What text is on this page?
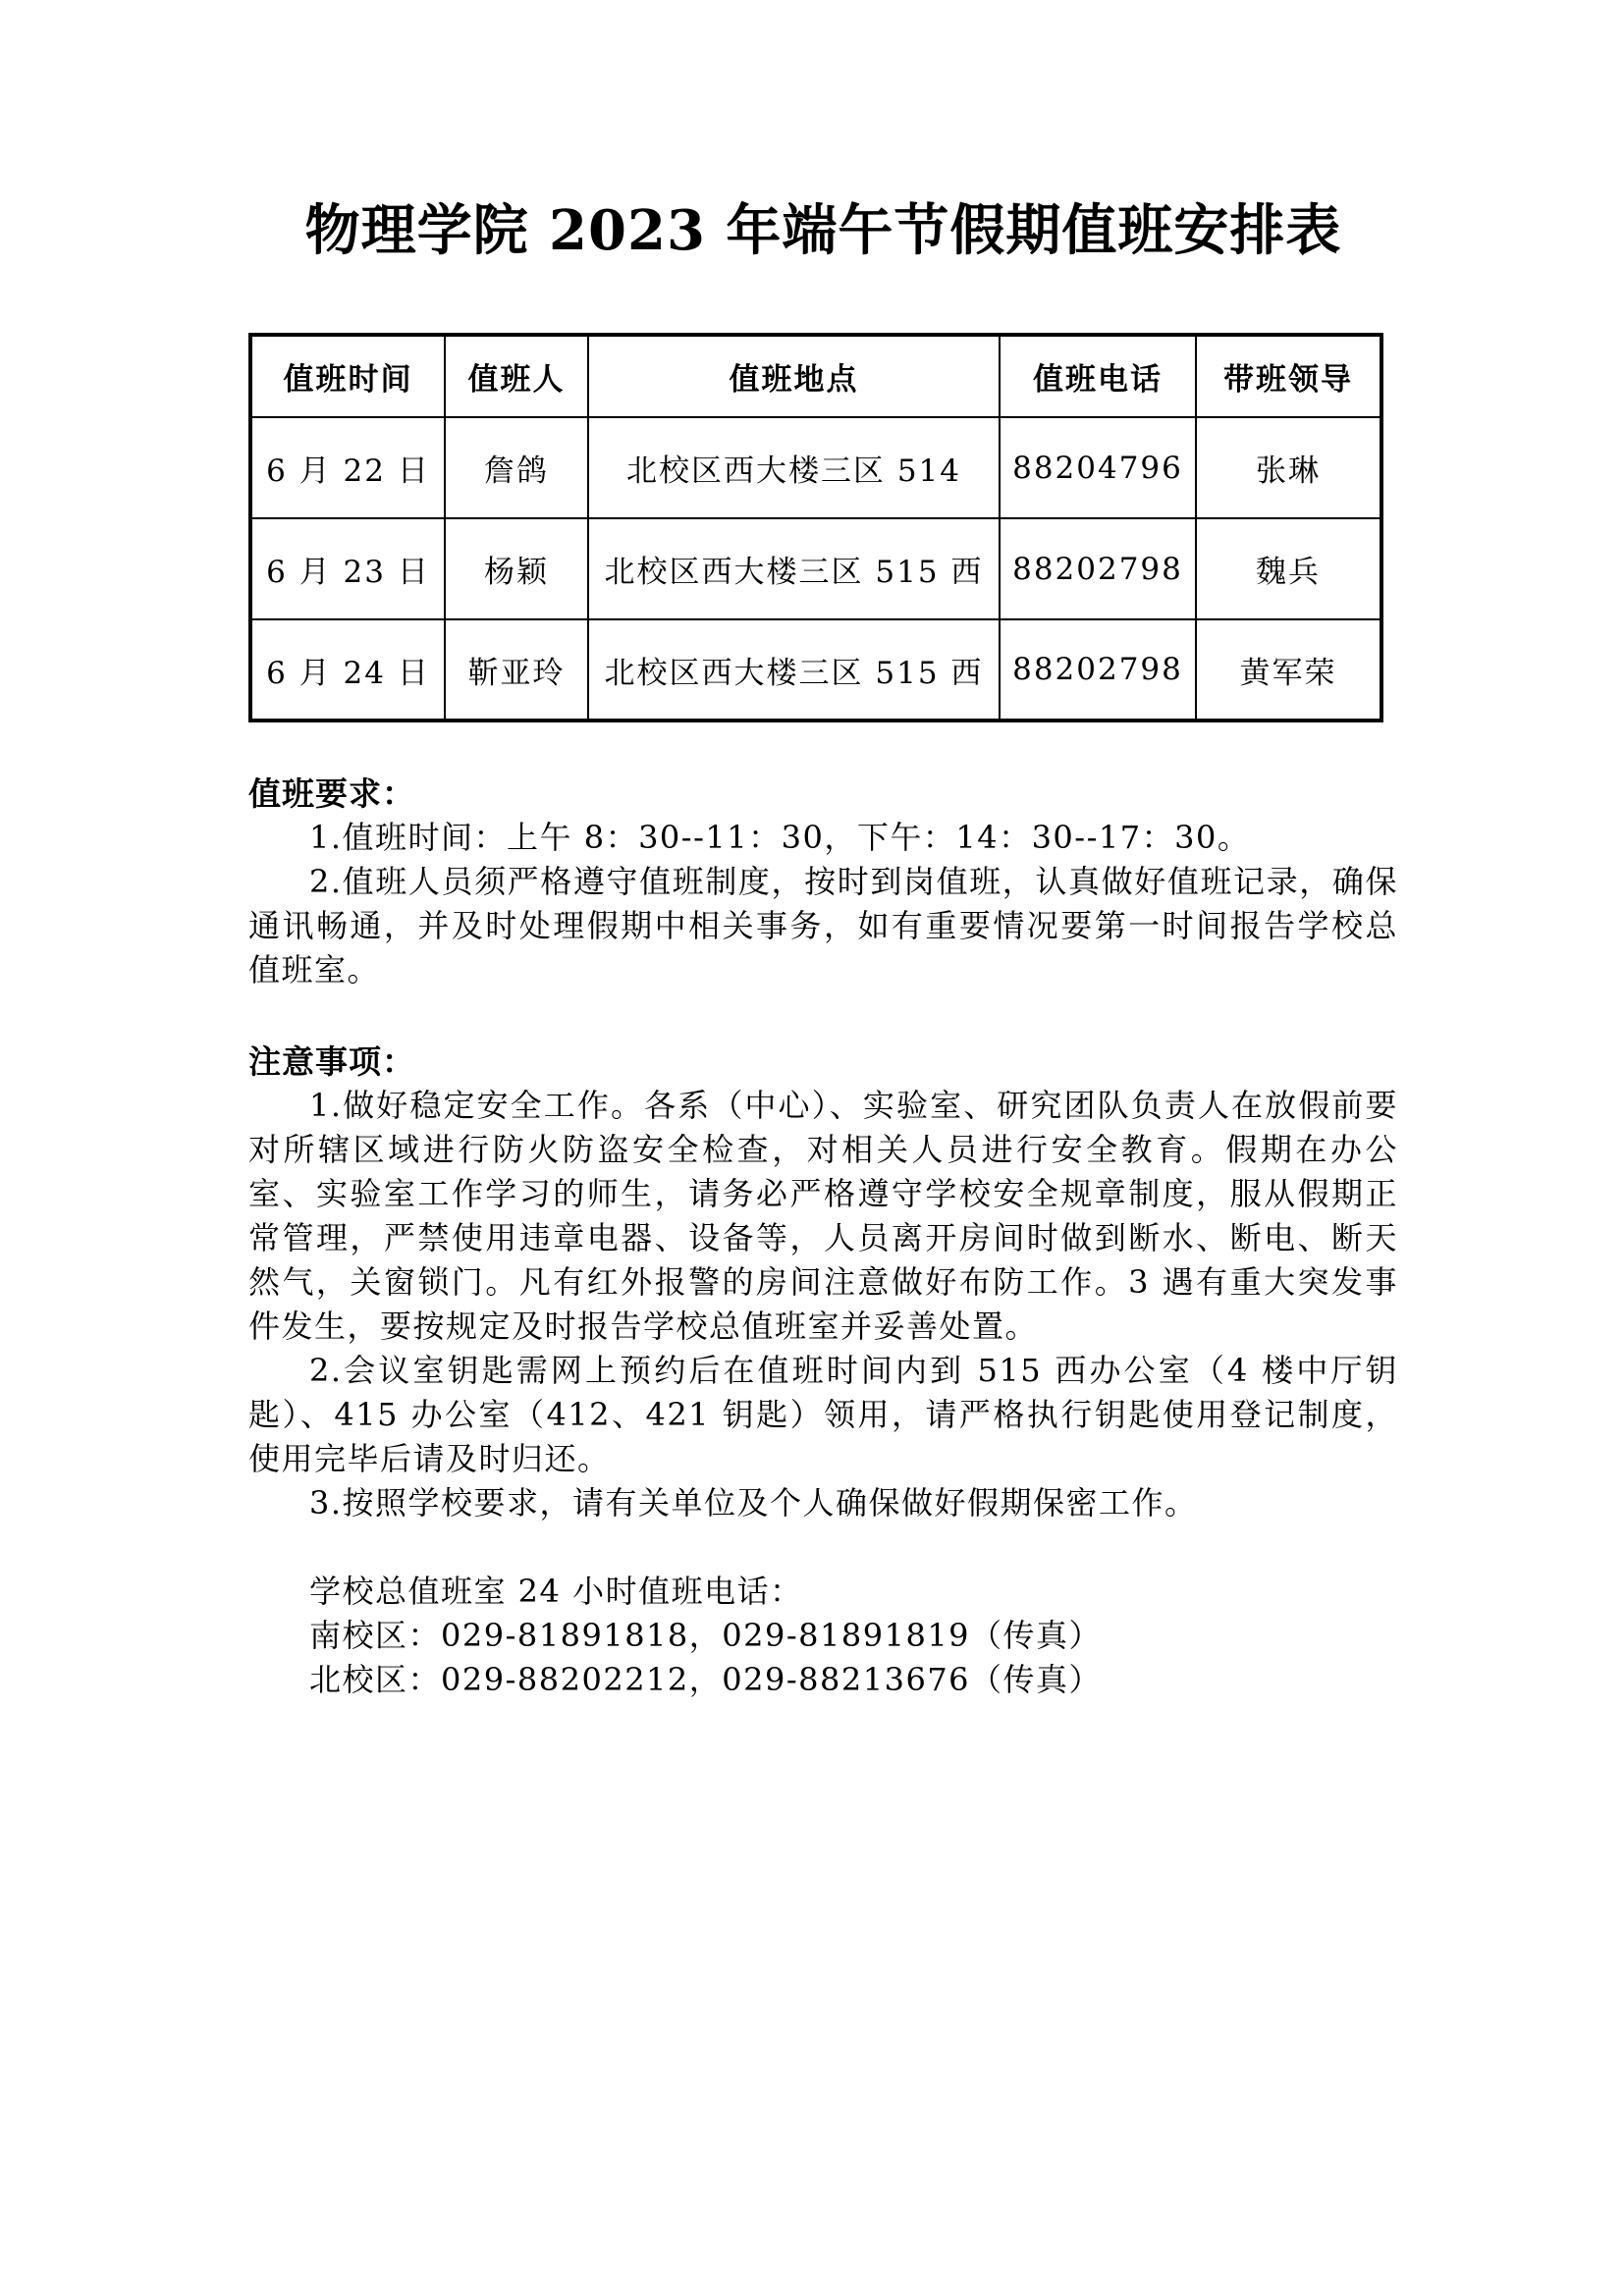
物理学院 2023 年端午节假期值班安排表
值班时间	值班人	值班地点	值班电话	带班领导
6 月 22 日	詹鸽	北校区西大楼三区 514	88204796	张琳
6 月 23 日	杨颖	北校区西大楼三区 515 西	88202798	魏兵
6 月 24 日	靳亚玲	北校区西大楼三区 515 西	88202798	黄军荣
值班要求：

1.值班时间：上午 8：30--11：30，下午：14：30--17：30。

2.值班人员须严格遵守值班制度，按时到岗值班，认真做好值班记录，确保通讯畅通，并及时处理假期中相关事务，如有重要情况要第一时间报告学校总值班室。

注意事项：

1.做好稳定安全工作。各系（中心）、实验室、研究团队负责人在放假前要对所辖区域进行防火防盗安全检查，对相关人员进行安全教育。假期在办公室、实验室工作学习的师生，请务必严格遵守学校安全规章制度，服从假期正常管理，严禁使用违章电器、设备等，人员离开房间时做到断水、断电、断天然气，关窗锁门。凡有红外报警的房间注意做好布防工作。3 遇有重大突发事件发生，要按规定及时报告学校总值班室并妥善处置。

2.会议室钥匙需网上预约后在值班时间内到 515 西办公室（4 楼中厅钥匙）、415 办公室（412、421 钥匙）领用，请严格执行钥匙使用登记制度，使用完毕后请及时归还。

3.按照学校要求，请有关单位及个人确保做好假期保密工作。

学校总值班室 24 小时值班电话：

南校区：029-81891818，029-81891819（传真）

北校区：029-88202212，029-88213676（传真）
